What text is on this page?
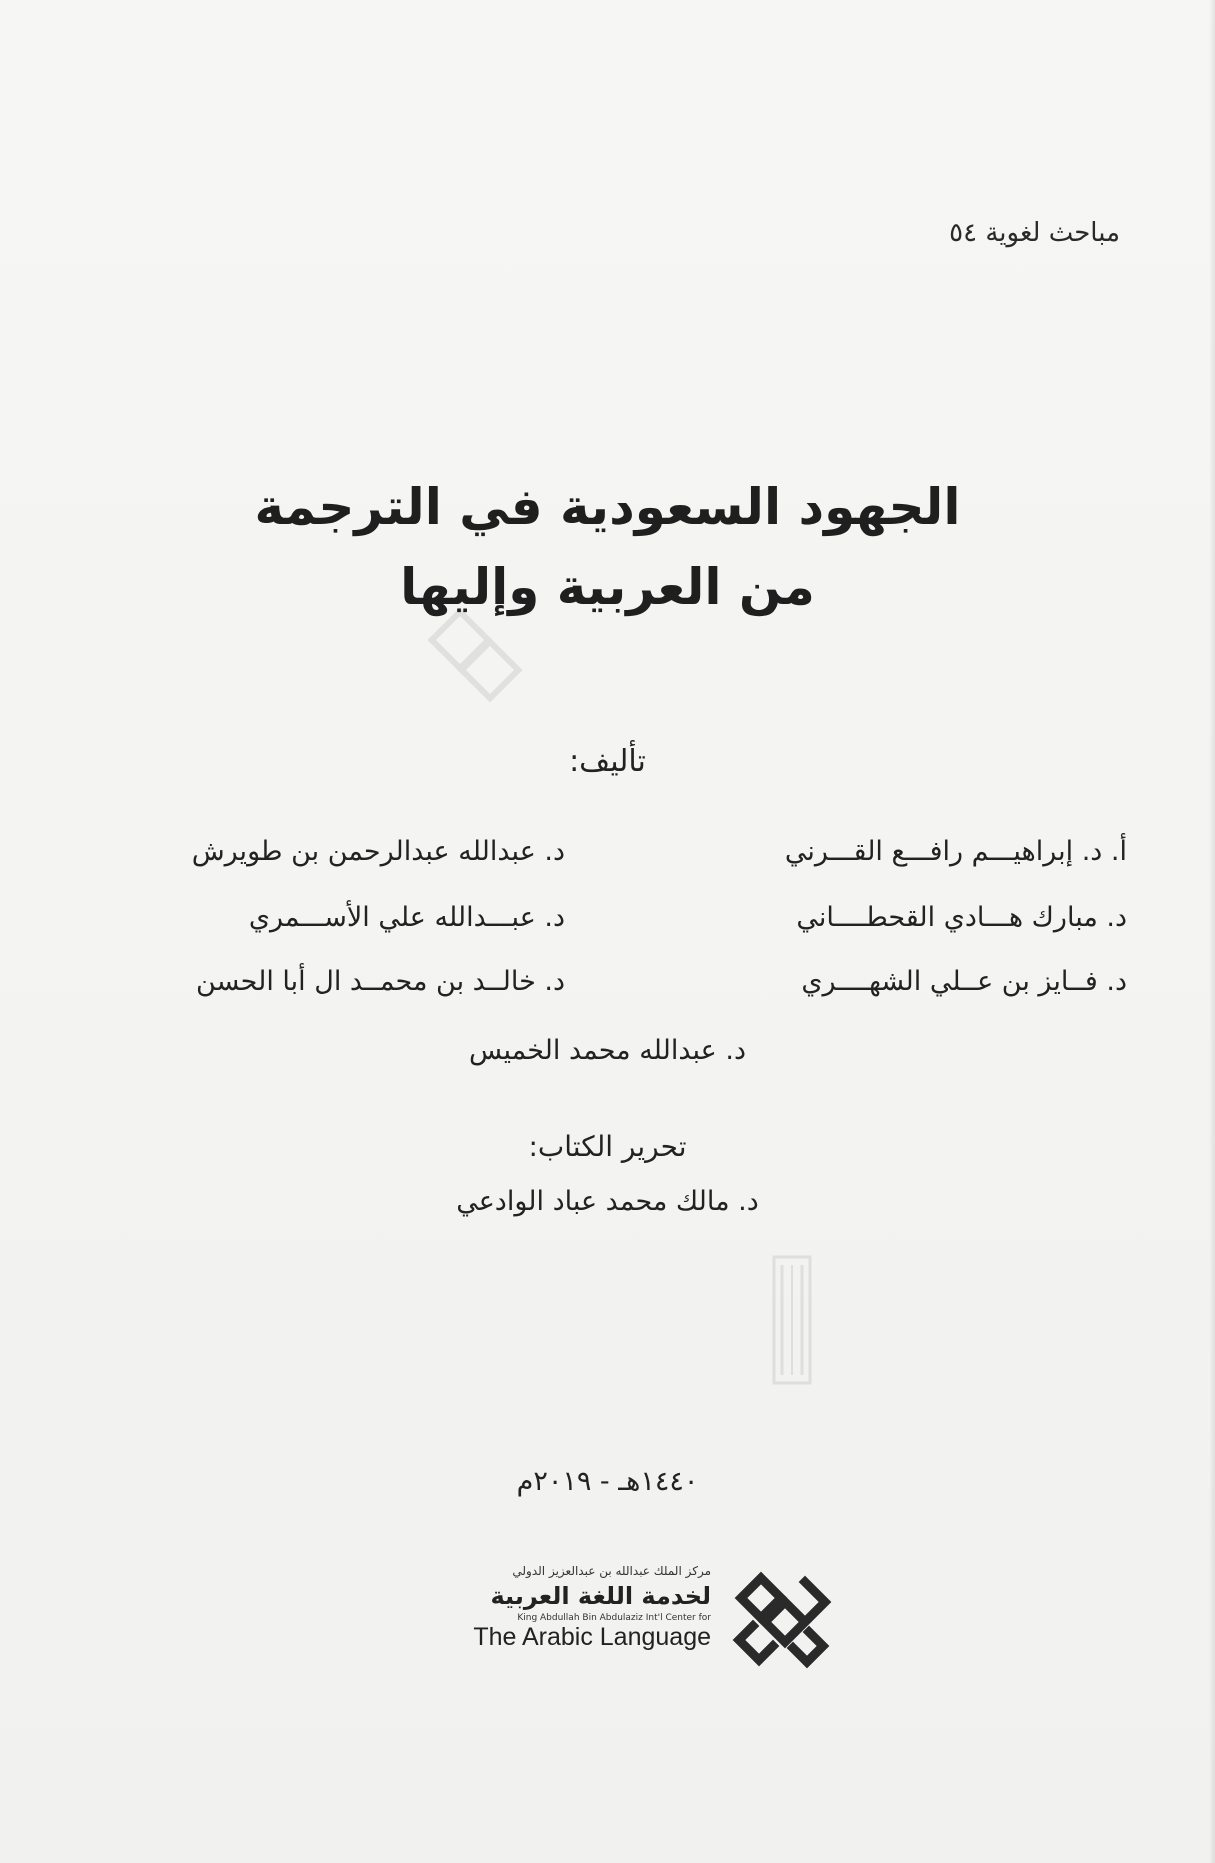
مباحث لغوية ٥٤
الجهود السعودية في الترجمة
من العربية وإليها
تأليف:
أ. د. إبراهيـــم رافـــع القـــرني
د. مبارك هـــادي القحطــــاني
د. فــايز بن عــلي الشهــــري
د. عبدالله عبدالرحمن بن طويرش
د. عبـــدالله علي الأســـمري
د. خالــد بن محمــد ال أبا الحسن
د. عبدالله محمد الخميس
تحرير الكتاب:
د. مالك محمد عباد الوادعي
١٤٤٠هـ - ٢٠١٩م
مركز الملك عبدالله بن عبدالعزيز الدولي
لخدمة اللغة العربية
King Abdullah Bin Abdulaziz Int'l Center for
The Arabic Language
